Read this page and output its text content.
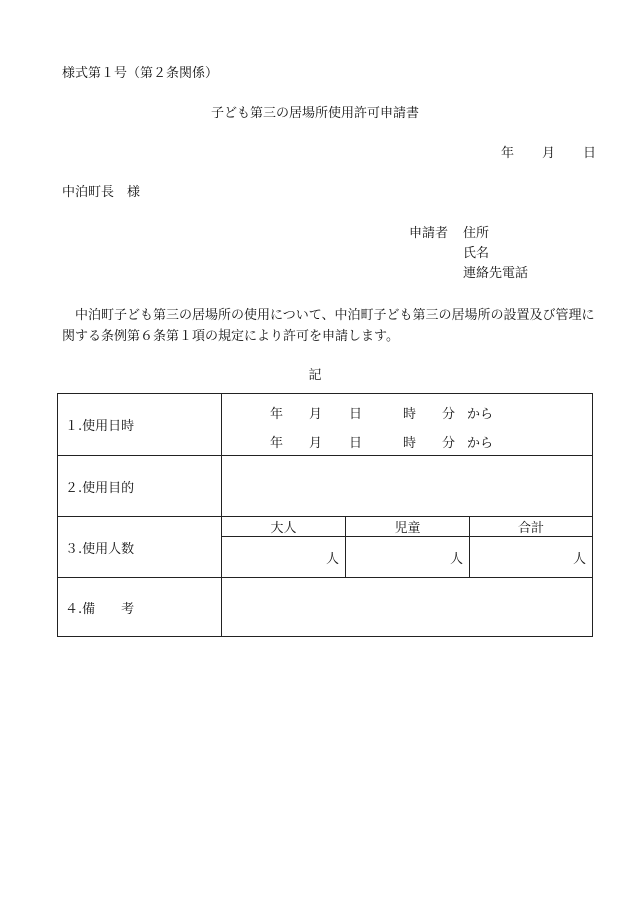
様式第１号（第２条関係）
子ども第三の居場所使用許可申請書
年 月 日
中泊町長　様
申請者 住所
氏名
連絡先電話
中泊町子ども第三の居場所の使用について、中泊町子ども第三の居場所の設置及び管理に関する条例第６条第１項の規定により許可を申請します。
記
１.使用日時
年 月 日	時 分 から
年 月 日	時 分 から
２.使用目的
３.使用人数
大人	児童	合計
人	人	人
４.備　　考
